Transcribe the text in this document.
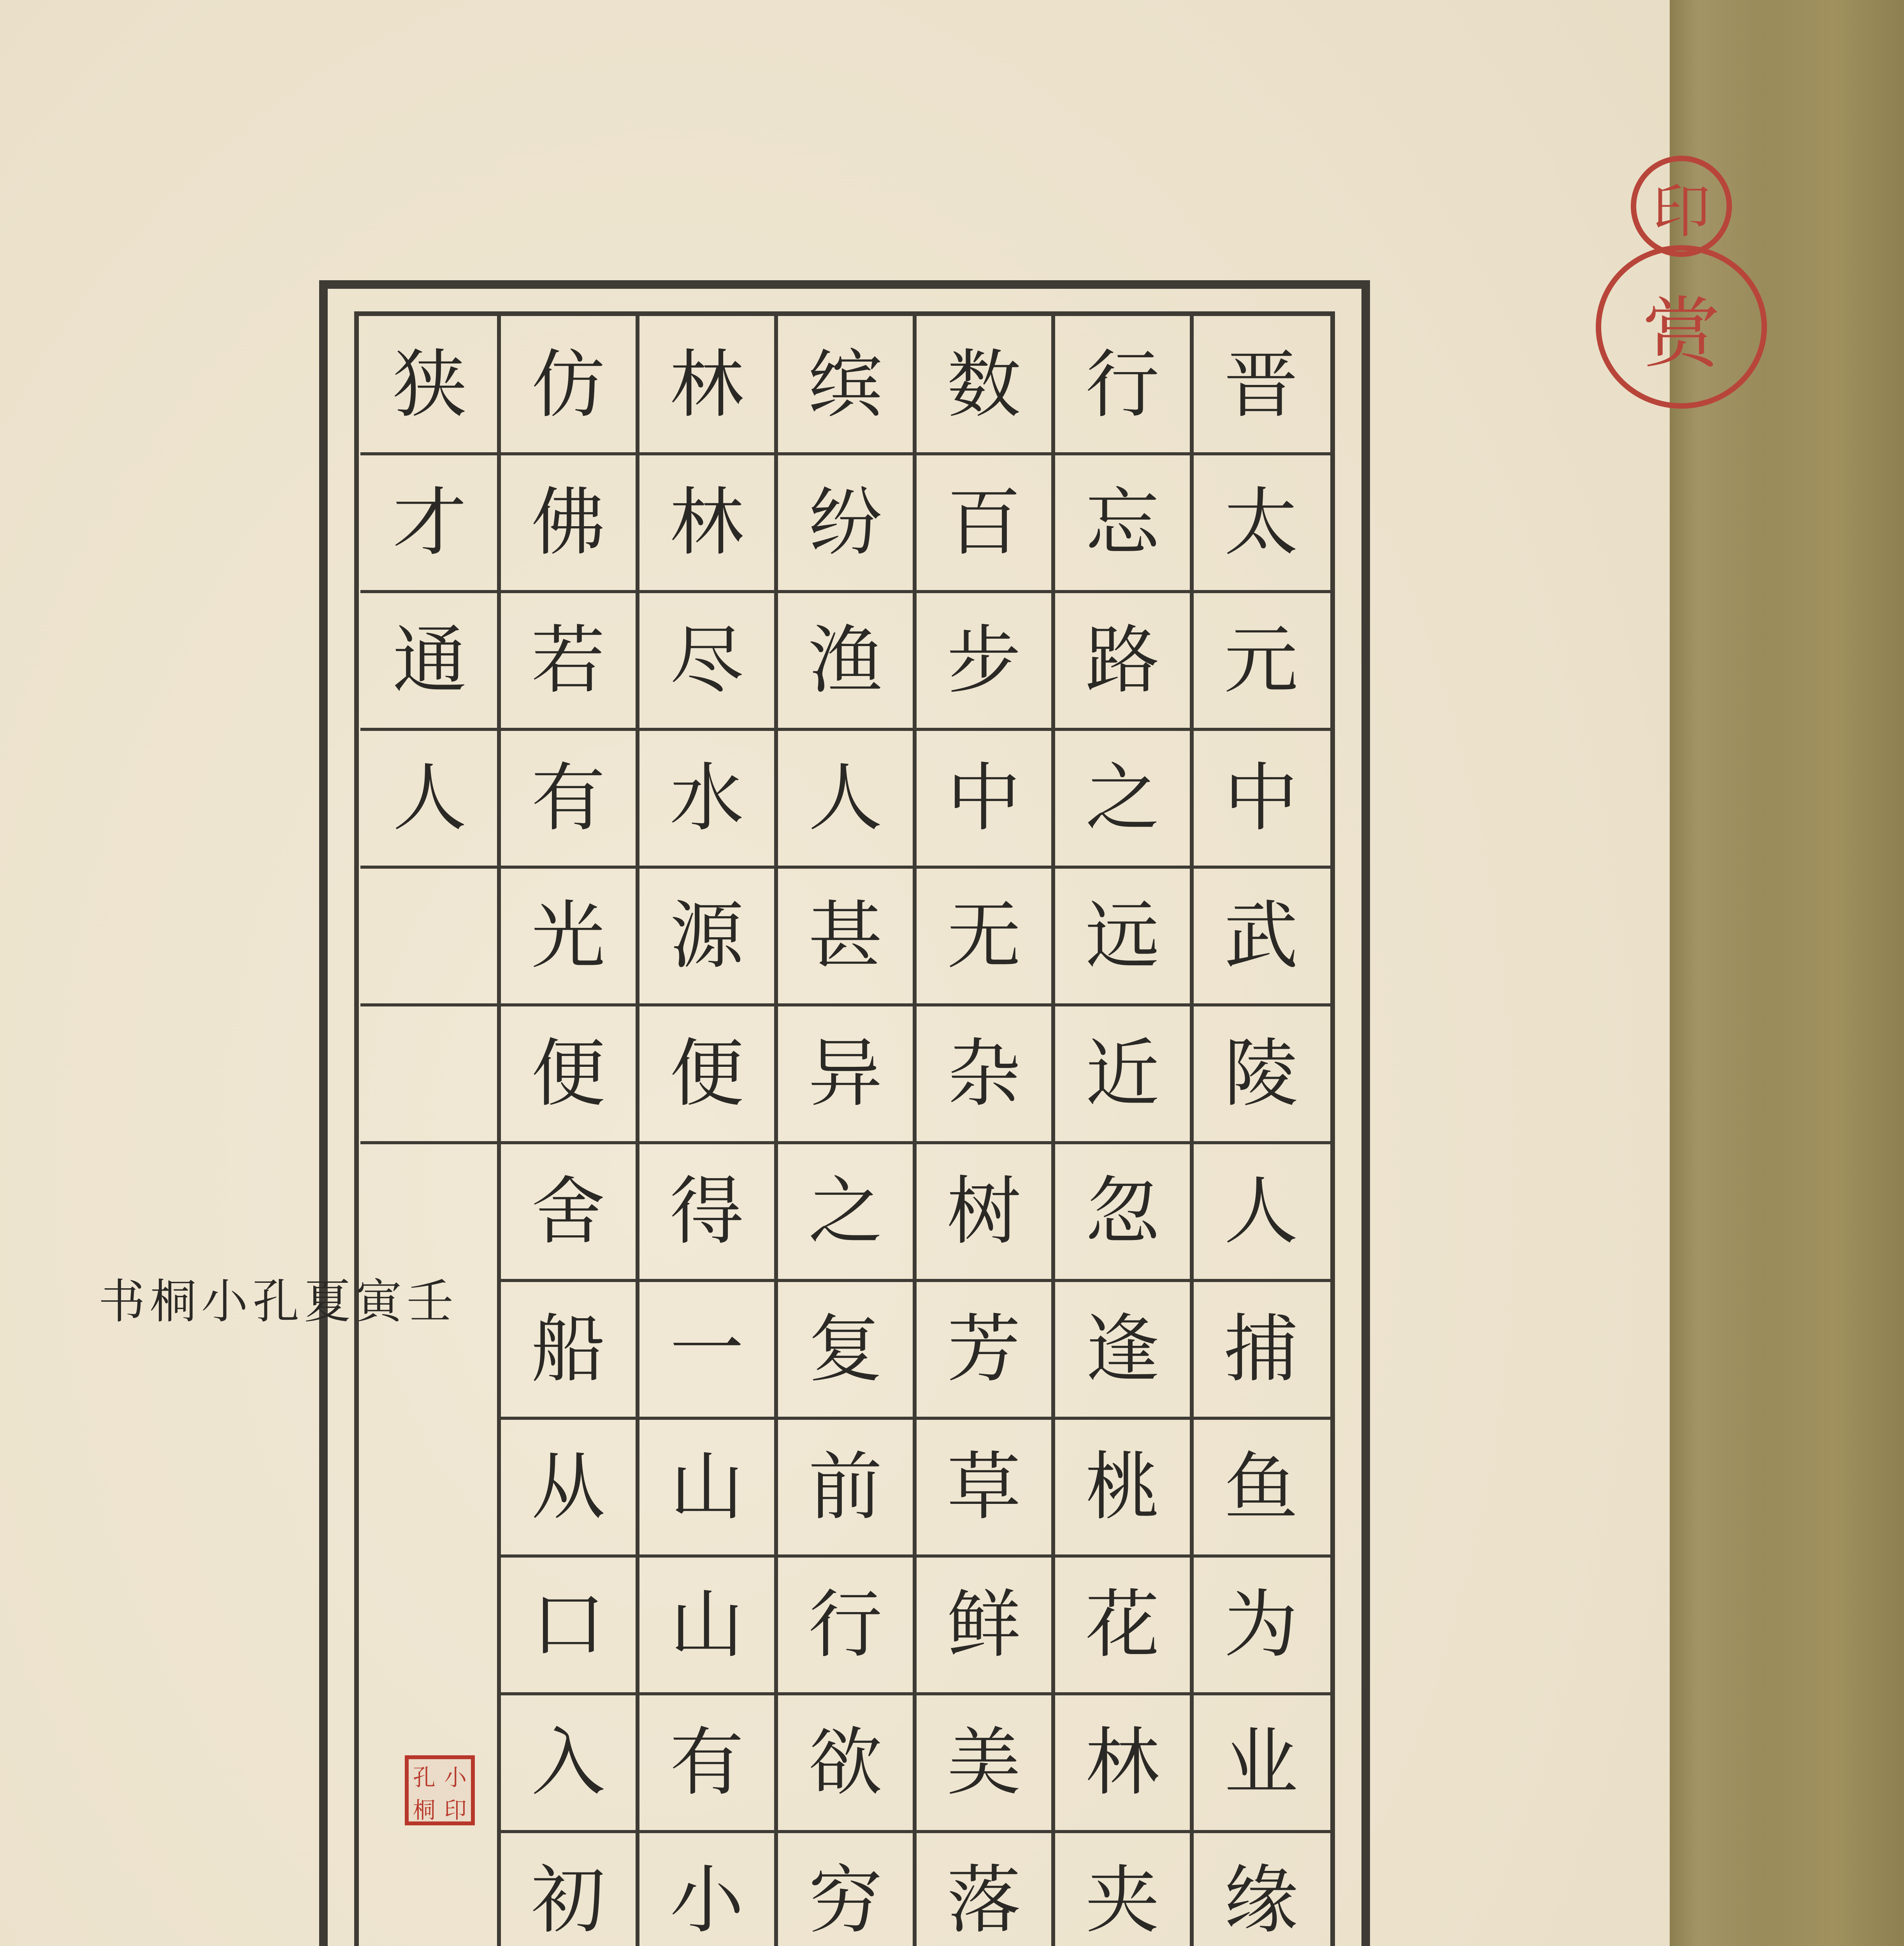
晋
太
元
中
武
陵
人
捕
鱼
为
业
缘
行
忘
路
之
远
近
忽
逢
桃
花
林
夹
数
百
步
中
无
杂
树
芳
草
鲜
美
落
缤
纷
渔
人
甚
异
之
复
前
行
欲
穷
林
林
尽
水
源
便
得
一
山
山
有
小
仿
佛
若
有
光
便
舍
船
从
口
入
初
狭
才
通
人
壬
寅
夏
孔
小
桐
书
孔 小
桐 印
印
赏
